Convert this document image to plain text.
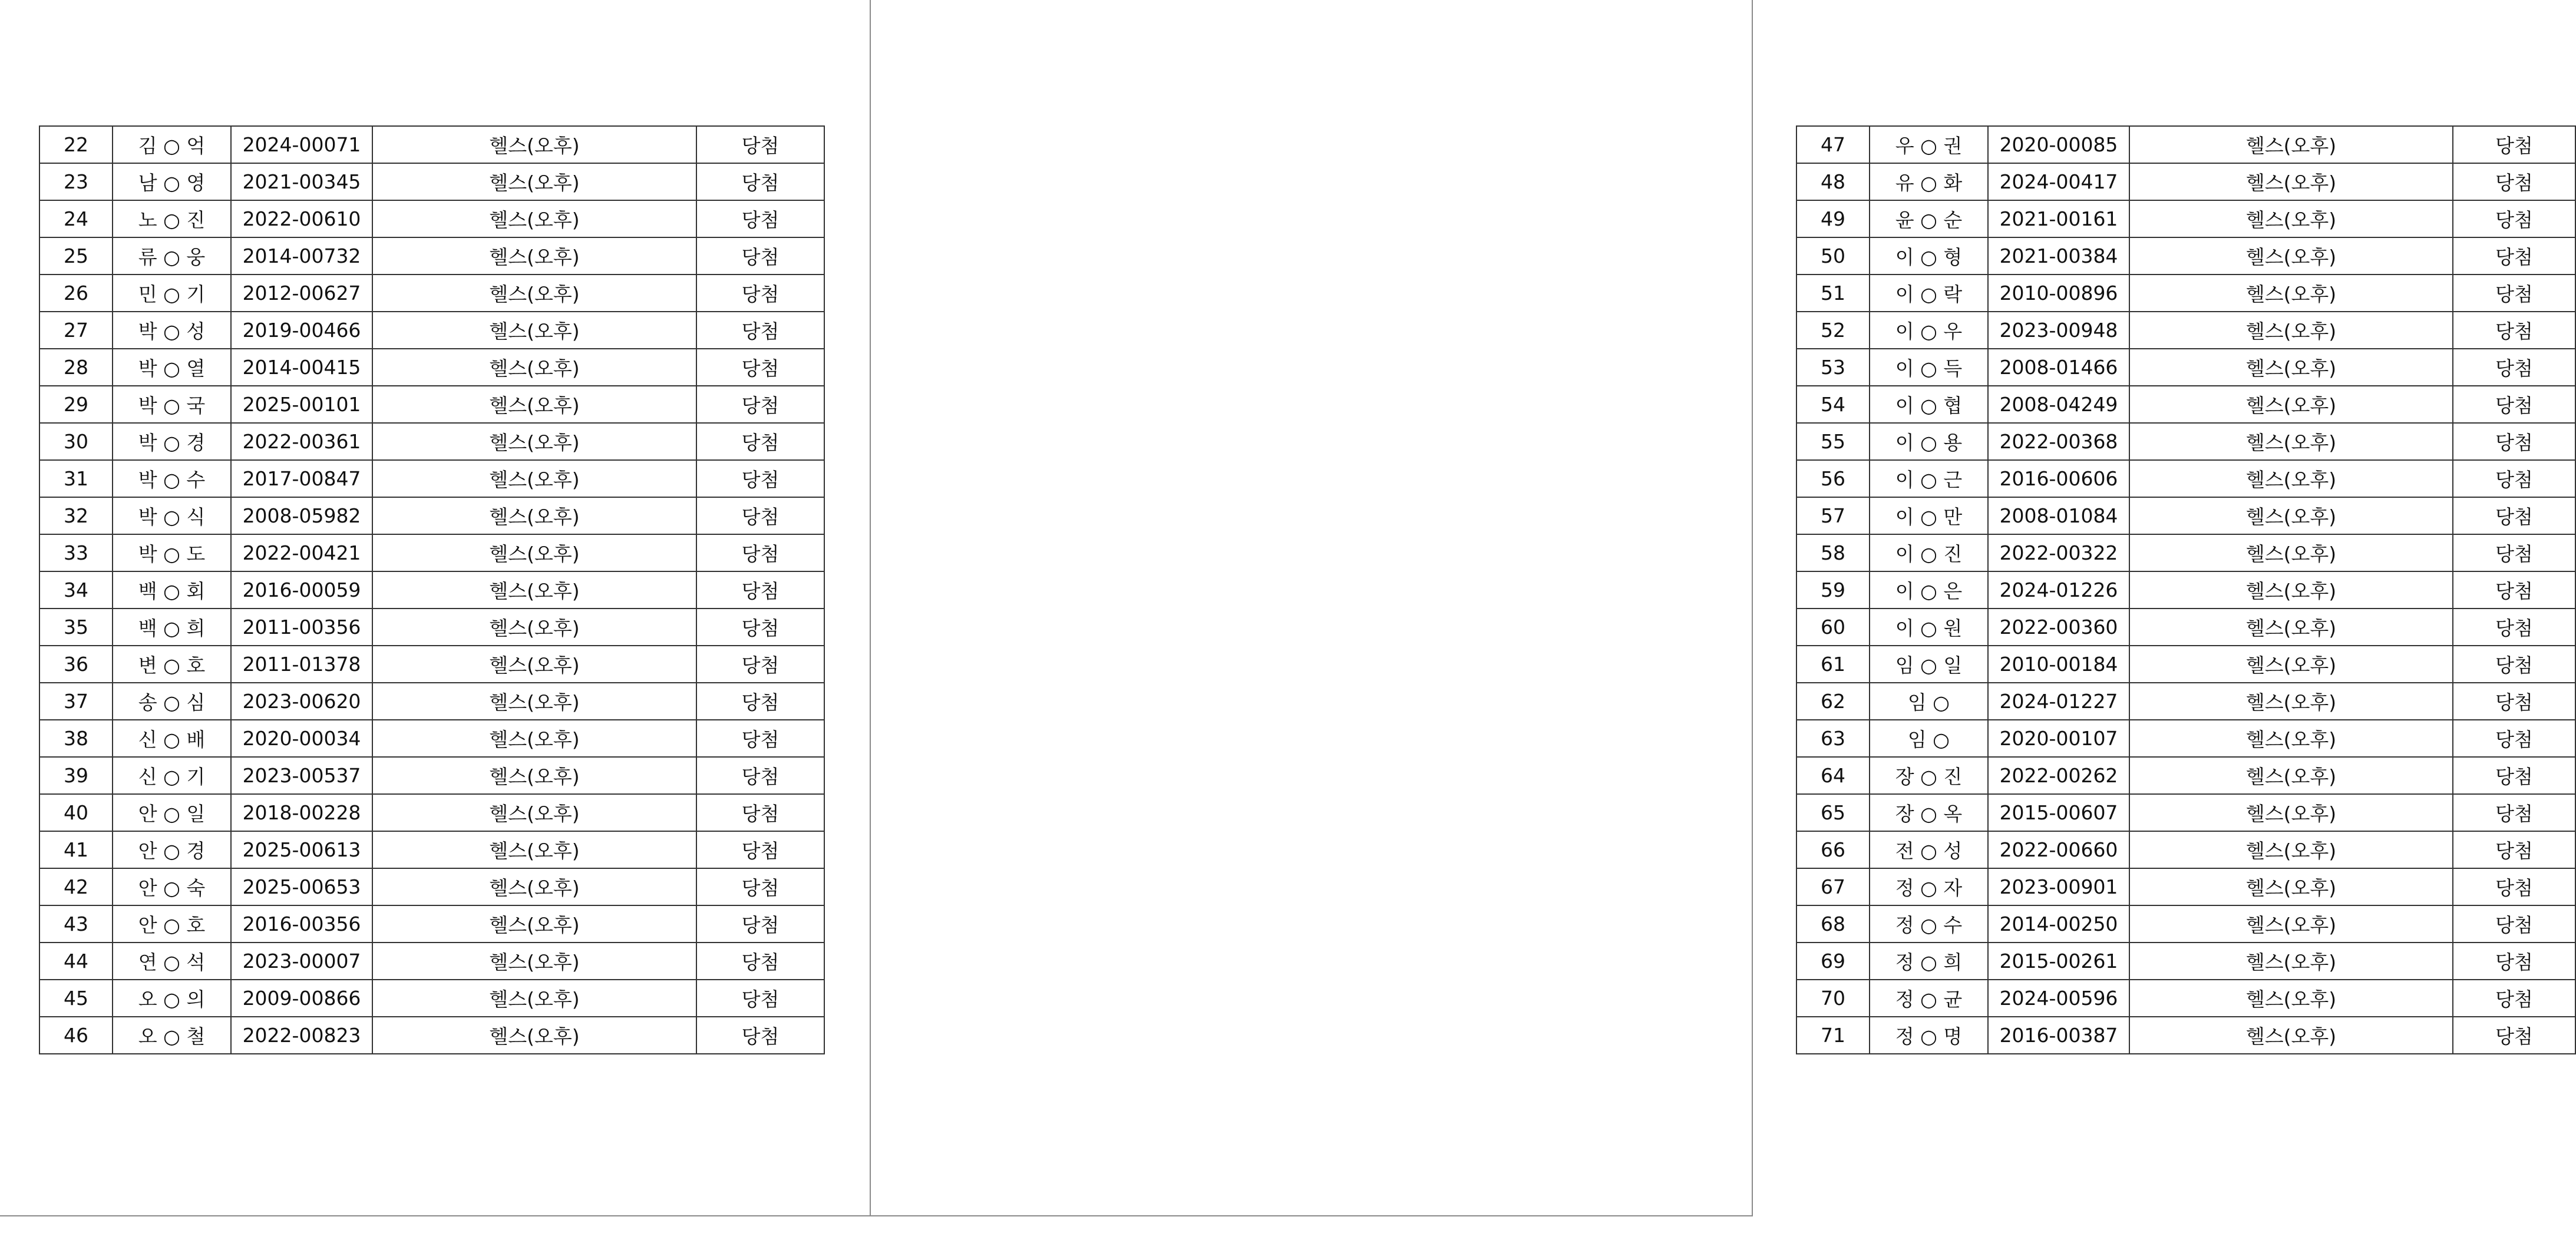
22	김 ○ 억	2024-00071	헬스(오후)	당첨
23	남 ○ 영	2021-00345	헬스(오후)	당첨
24	노 ○ 진	2022-00610	헬스(오후)	당첨
25	류 ○ 웅	2014-00732	헬스(오후)	당첨
26	민 ○ 기	2012-00627	헬스(오후)	당첨
27	박 ○ 성	2019-00466	헬스(오후)	당첨
28	박 ○ 열	2014-00415	헬스(오후)	당첨
29	박 ○ 국	2025-00101	헬스(오후)	당첨
30	박 ○ 경	2022-00361	헬스(오후)	당첨
31	박 ○ 수	2017-00847	헬스(오후)	당첨
32	박 ○ 식	2008-05982	헬스(오후)	당첨
33	박 ○ 도	2022-00421	헬스(오후)	당첨
34	백 ○ 회	2016-00059	헬스(오후)	당첨
35	백 ○ 희	2011-00356	헬스(오후)	당첨
36	변 ○ 호	2011-01378	헬스(오후)	당첨
37	송 ○ 심	2023-00620	헬스(오후)	당첨
38	신 ○ 배	2020-00034	헬스(오후)	당첨
39	신 ○ 기	2023-00537	헬스(오후)	당첨
40	안 ○ 일	2018-00228	헬스(오후)	당첨
41	안 ○ 경	2025-00613	헬스(오후)	당첨
42	안 ○ 숙	2025-00653	헬스(오후)	당첨
43	안 ○ 호	2016-00356	헬스(오후)	당첨
44	연 ○ 석	2023-00007	헬스(오후)	당첨
45	오 ○ 의	2009-00866	헬스(오후)	당첨
46	오 ○ 철	2022-00823	헬스(오후)	당첨
47	우 ○ 권	2020-00085	헬스(오후)	당첨
48	유 ○ 화	2024-00417	헬스(오후)	당첨
49	윤 ○ 순	2021-00161	헬스(오후)	당첨
50	이 ○ 형	2021-00384	헬스(오후)	당첨
51	이 ○ 락	2010-00896	헬스(오후)	당첨
52	이 ○ 우	2023-00948	헬스(오후)	당첨
53	이 ○ 득	2008-01466	헬스(오후)	당첨
54	이 ○ 협	2008-04249	헬스(오후)	당첨
55	이 ○ 용	2022-00368	헬스(오후)	당첨
56	이 ○ 근	2016-00606	헬스(오후)	당첨
57	이 ○ 만	2008-01084	헬스(오후)	당첨
58	이 ○ 진	2022-00322	헬스(오후)	당첨
59	이 ○ 은	2024-01226	헬스(오후)	당첨
60	이 ○ 원	2022-00360	헬스(오후)	당첨
61	임 ○ 일	2010-00184	헬스(오후)	당첨
62	임 ○	2024-01227	헬스(오후)	당첨
63	임 ○	2020-00107	헬스(오후)	당첨
64	장 ○ 진	2022-00262	헬스(오후)	당첨
65	장 ○ 옥	2015-00607	헬스(오후)	당첨
66	전 ○ 성	2022-00660	헬스(오후)	당첨
67	정 ○ 자	2023-00901	헬스(오후)	당첨
68	정 ○ 수	2014-00250	헬스(오후)	당첨
69	정 ○ 희	2015-00261	헬스(오후)	당첨
70	정 ○ 균	2024-00596	헬스(오후)	당첨
71	정 ○ 명	2016-00387	헬스(오후)	당첨
